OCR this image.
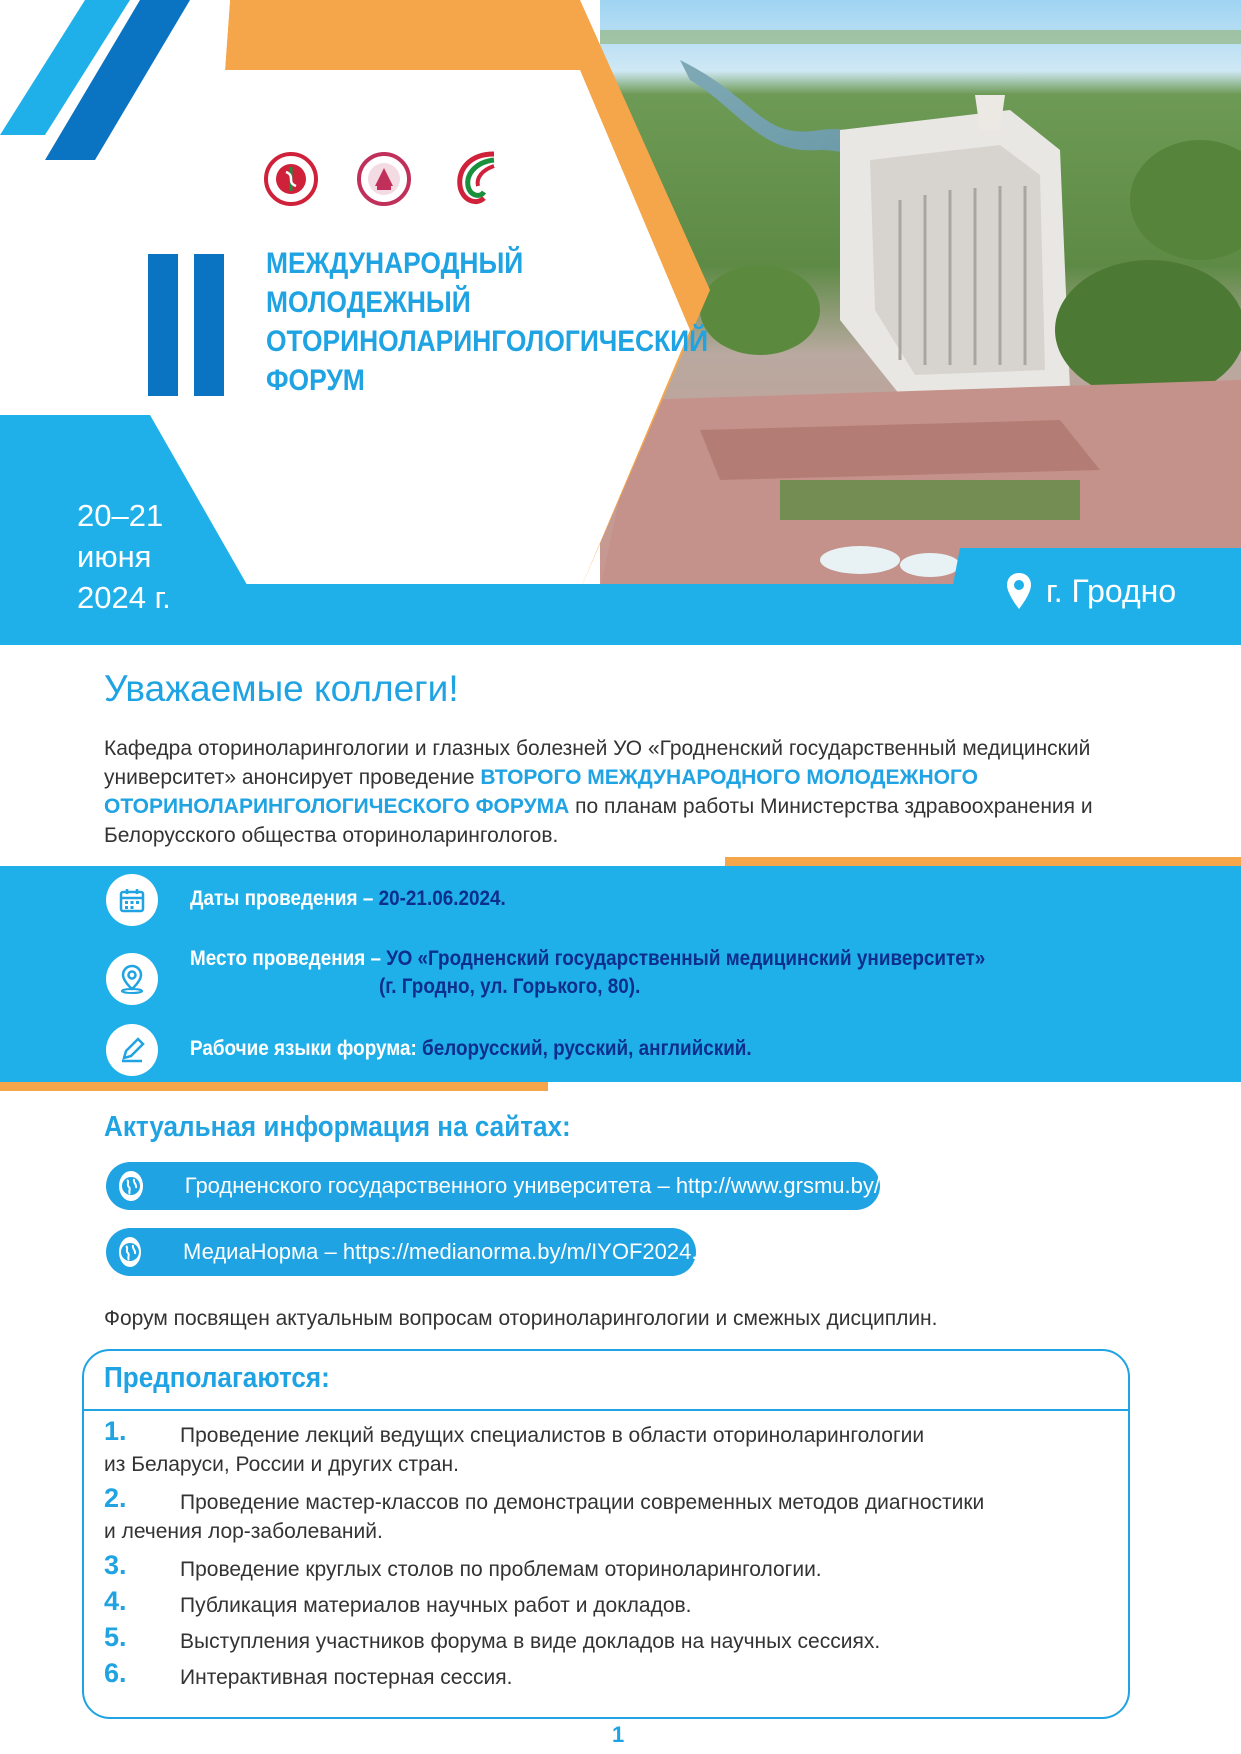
МЕЖДУНАРОДНЫЙ
МОЛОДЕЖНЫЙ
ОТОРИНОЛАРИНГОЛОГИЧЕСКИЙ
ФОРУМ
20–21
июня
2024 г.	г. Гродно
Уважаемые коллеги!
Кафедра оториноларингологии и глазных болезней УО «Гродненский государственный медицинский университет» анонсирует проведение ВТОРОГО МЕЖДУНАРОДНОГО МОЛОДЕЖНОГО ОТОРИНОЛАРИНГОЛОГИЧЕСКОГО ФОРУМА по планам работы Министерства здравоохранения и Белорусского общества оториноларингологов.
Даты проведения – 20-21.06.2024.
Место проведения – УО «Гродненский государственный медицинский университет»
(г. Гродно, ул. Горького, 80).
Рабочие языки форума: белорусский, русский, английский.
Актуальная информация на сайтах:
Гродненского государственного университета – http://www.grsmu.by/
МедиаНорма – https://medianorma.by/m/IYOF2024.
Форум посвящен актуальным вопросам оториноларингологии и смежных дисциплин.
Предполагаются:
1.	Проведение лекций ведущих специалистов в области оториноларингологии
из Беларуси, России и других стран.
2.	Проведение мастер-классов по демонстрации современных методов диагностики
и лечения лор-заболеваний.
3.	Проведение круглых столов по проблемам оториноларингологии.
4.	Публикация материалов научных работ и докладов.
5.	Выступления участников форума в виде докладов на научных сессиях.
6.	Интерактивная постерная сессия.
1
